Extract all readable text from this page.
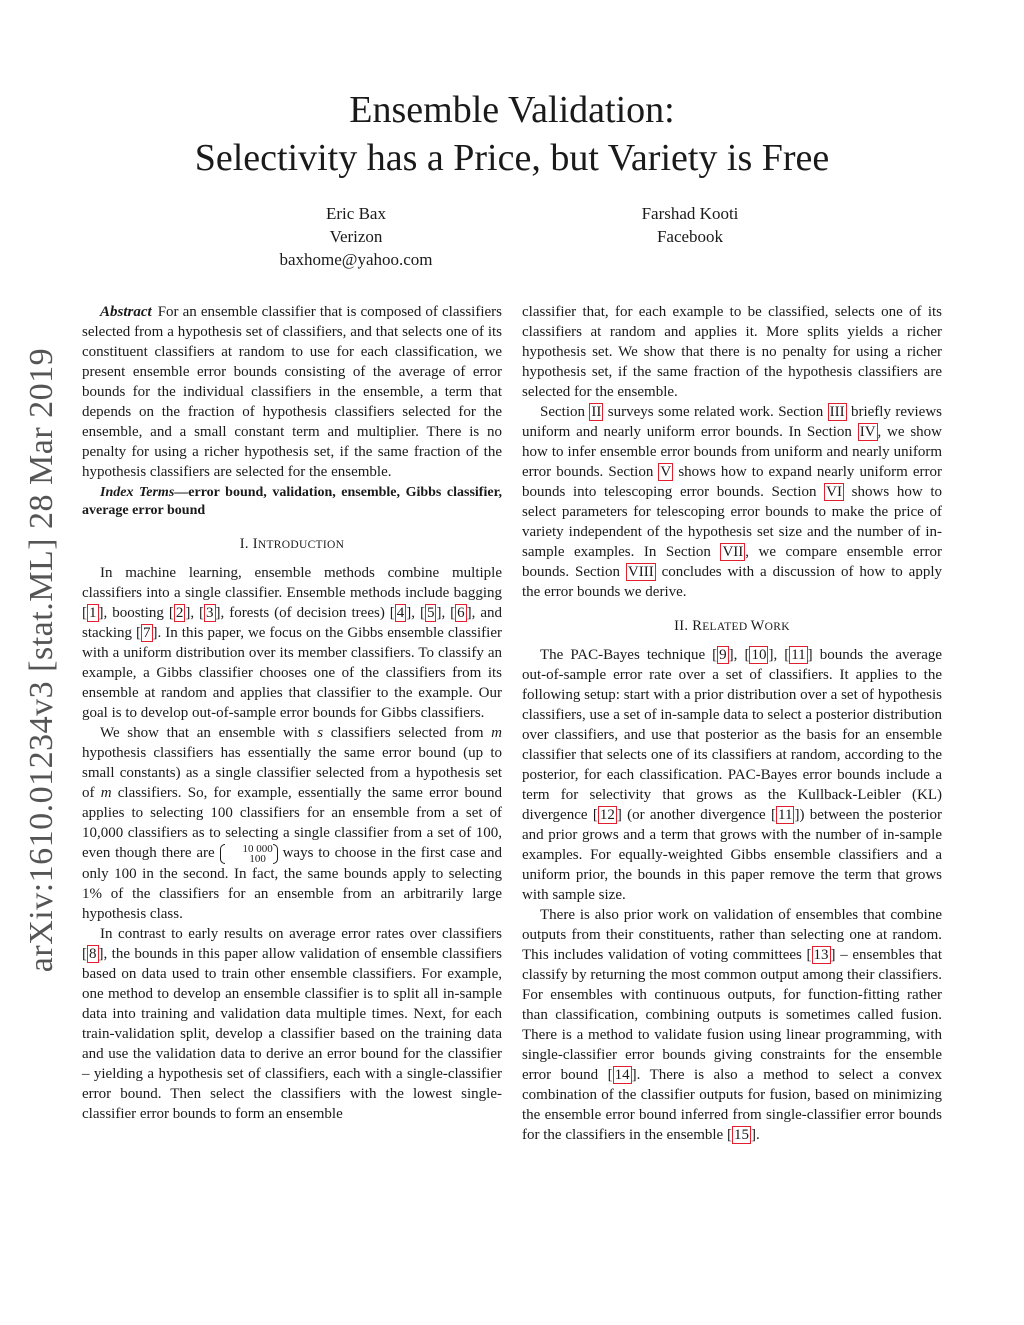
arXiv:1610.01234v3 [stat.ML] 28 Mar 2019
Ensemble Validation:
Selectivity has a Price, but Variety is Free
Eric Bax
Verizon
baxhome@yahoo.com
Farshad Kooti
Facebook

Abstract For an ensemble classifier that is composed of classifiers selected from a hypothesis set of classifiers, and that selects one of its constituent classifiers at random to use for each classification, we present ensemble error bounds consisting of the average of error bounds for the individual classifiers in the ensemble, a term that depends on the fraction of hypothesis classifiers selected for the ensemble, and a small constant term and multiplier. There is no penalty for using a richer hypothesis set, if the same fraction of the hypothesis classifiers are selected for the ensemble.

Index Terms—error bound, validation, ensemble, Gibbs classifier, average error bound

I. INTRODUCTION

In machine learning, ensemble methods combine multiple classifiers into a single classifier. Ensemble methods include bagging [ 1 ], boosting [ 2 ], [ 3 ], forests (of decision trees) [ 4 ], [ 5 ], [ 6 ], and stacking [ 7 ]. In this paper, we focus on the Gibbs ensemble classifier with a uniform distribution over its member classifiers. To classify an example, a Gibbs classifier chooses one of the classifiers from its ensemble at random and applies that classifier to the example. Our goal is to develop out-of-sample error bounds for Gibbs classifiers.

We show that an ensemble with s classifiers selected from m hypothesis classifiers has essentially the same error bound (up to small constants) as a single classifier selected from a hypothesis set of m classifiers. So, for example, essentially the same error bound applies to selecting 100 classifiers for an ensemble from a set of 10,000 classifiers as to selecting a single classifier from a set of 100, even though there are	10 000
100 ways to choose in the first case and only 100 in the second. In fact, the same bounds apply to selecting 1% of the classifiers for an ensemble from an arbitrarily large hypothesis class.

In contrast to early results on average error rates over classifiers [ 8 ], the bounds in this paper allow validation of ensemble classifiers based on data used to train other ensemble classifiers. For example, one method to develop an ensemble classifier is to split all in-sample data into training and validation data multiple times. Next, for each train-validation split, develop a classifier based on the training data and use the validation data to derive an error bound for the classifier – yielding a hypothesis set of classifiers, each with a single-classifier error bound. Then select the classifiers with the lowest single-classifier error bounds to form an ensemble

classifier that, for each example to be classified, selects one of its classifiers at random and applies it. More splits yields a richer hypothesis set. We show that there is no penalty for using a richer hypothesis set, if the same fraction of the hypothesis classifiers are selected for the ensemble.

Section II surveys some related work. Section III briefly reviews uniform and nearly uniform error bounds. In Section IV , we show how to infer ensemble error bounds from uniform and nearly uniform error bounds. Section V shows how to expand nearly uniform error bounds into telescoping error bounds. Section VI shows how to select parameters for telescoping error bounds to make the price of variety independent of the hypothesis set size and the number of in-sample examples. In Section VII , we compare ensemble error bounds. Section VIII concludes with a discussion of how to apply the error bounds we derive.

II. RELATED WORK

The PAC-Bayes technique [ 9 ], [ 10 ], [ 11 ] bounds the average out-of-sample error rate over a set of classifiers. It applies to the following setup: start with a prior distribution over a set of hypothesis classifiers, use a set of in-sample data to select a posterior distribution over classifiers, and use that posterior as the basis for an ensemble classifier that selects one of its classifiers at random, according to the posterior, for each classification. PAC-Bayes error bounds include a term for selectivity that grows as the Kullback-Leibler (KL) divergence [ 12 ] (or another divergence [ 11 ]) between the posterior and prior grows and a term that grows with the number of in-sample examples. For equally-weighted Gibbs ensemble classifiers and a uniform prior, the bounds in this paper remove the term that grows with sample size.

There is also prior work on validation of ensembles that combine outputs from their constituents, rather than selecting one at random. This includes validation of voting committees [ 13 ] – ensembles that classify by returning the most common output among their classifiers. For ensembles with continuous outputs, for function-fitting rather than classification, combining outputs is sometimes called fusion. There is a method to validate fusion using linear programming, with single-classifier error bounds giving constraints for the ensemble error bound [ 14 ]. There is also a method to select a convex combination of the classifier outputs for fusion, based on minimizing the ensemble error bound inferred from single-classifier error bounds for the classifiers in the ensemble [ 15 ].
